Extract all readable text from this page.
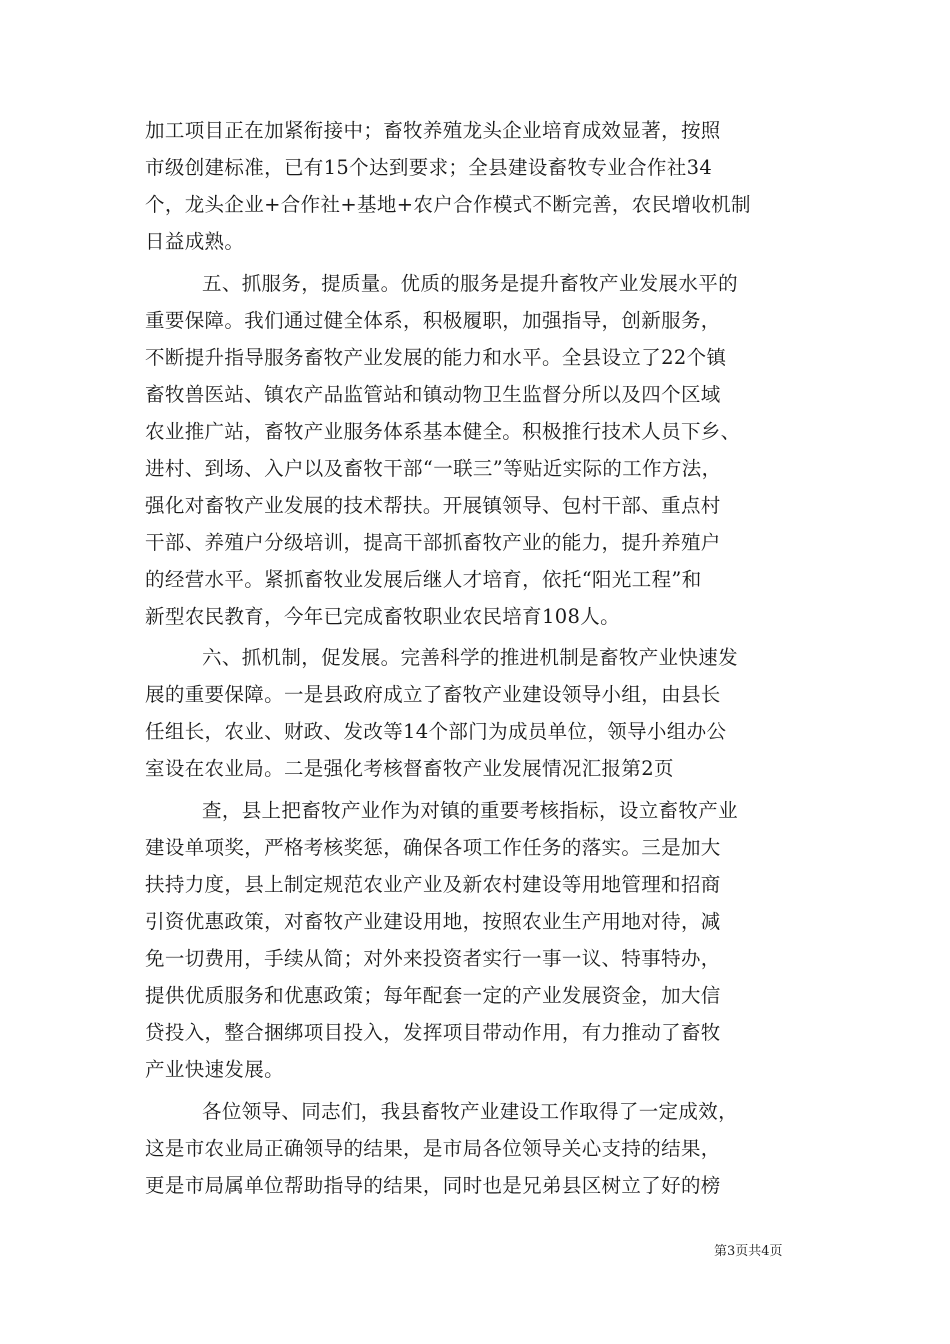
加工项目正在加紧衔接中；畜牧养殖龙头企业培育成效显著，按照
市级创建标准，已有15个达到要求；全县建设畜牧专业合作社34
个，龙头企业+合作社+基地+农户合作模式不断完善，农民增收机制
日益成熟。
五、抓服务，提质量。优质的服务是提升畜牧产业发展水平的
重要保障。我们通过健全体系，积极履职，加强指导，创新服务，
不断提升指导服务畜牧产业发展的能力和水平。全县设立了22个镇
畜牧兽医站、镇农产品监管站和镇动物卫生监督分所以及四个区域
农业推广站，畜牧产业服务体系基本健全。积极推行技术人员下乡、
进村、到场、入户以及畜牧干部“一联三”等贴近实际的工作方法，
强化对畜牧产业发展的技术帮扶。开展镇领导、包村干部、重点村
干部、养殖户分级培训，提高干部抓畜牧产业的能力，提升养殖户
的经营水平。紧抓畜牧业发展后继人才培育，依托“阳光工程”和
新型农民教育，今年已完成畜牧职业农民培育108人。
六、抓机制，促发展。完善科学的推进机制是畜牧产业快速发
展的重要保障。一是县政府成立了畜牧产业建设领导小组，由县长
任组长，农业、财政、发改等14个部门为成员单位，领导小组办公
室设在农业局。二是强化考核督畜牧产业发展情况汇报第2页
查，县上把畜牧产业作为对镇的重要考核指标，设立畜牧产业
建设单项奖，严格考核奖惩，确保各项工作任务的落实。三是加大
扶持力度，县上制定规范农业产业及新农村建设等用地管理和招商
引资优惠政策，对畜牧产业建设用地，按照农业生产用地对待，减
免一切费用，手续从简；对外来投资者实行一事一议、特事特办，
提供优质服务和优惠政策；每年配套一定的产业发展资金，加大信
贷投入，整合捆绑项目投入，发挥项目带动作用，有力推动了畜牧
产业快速发展。
各位领导、同志们，我县畜牧产业建设工作取得了一定成效，
这是市农业局正确领导的结果，是市局各位领导关心支持的结果，
更是市局属单位帮助指导的结果，同时也是兄弟县区树立了好的榜
第3页共4页
